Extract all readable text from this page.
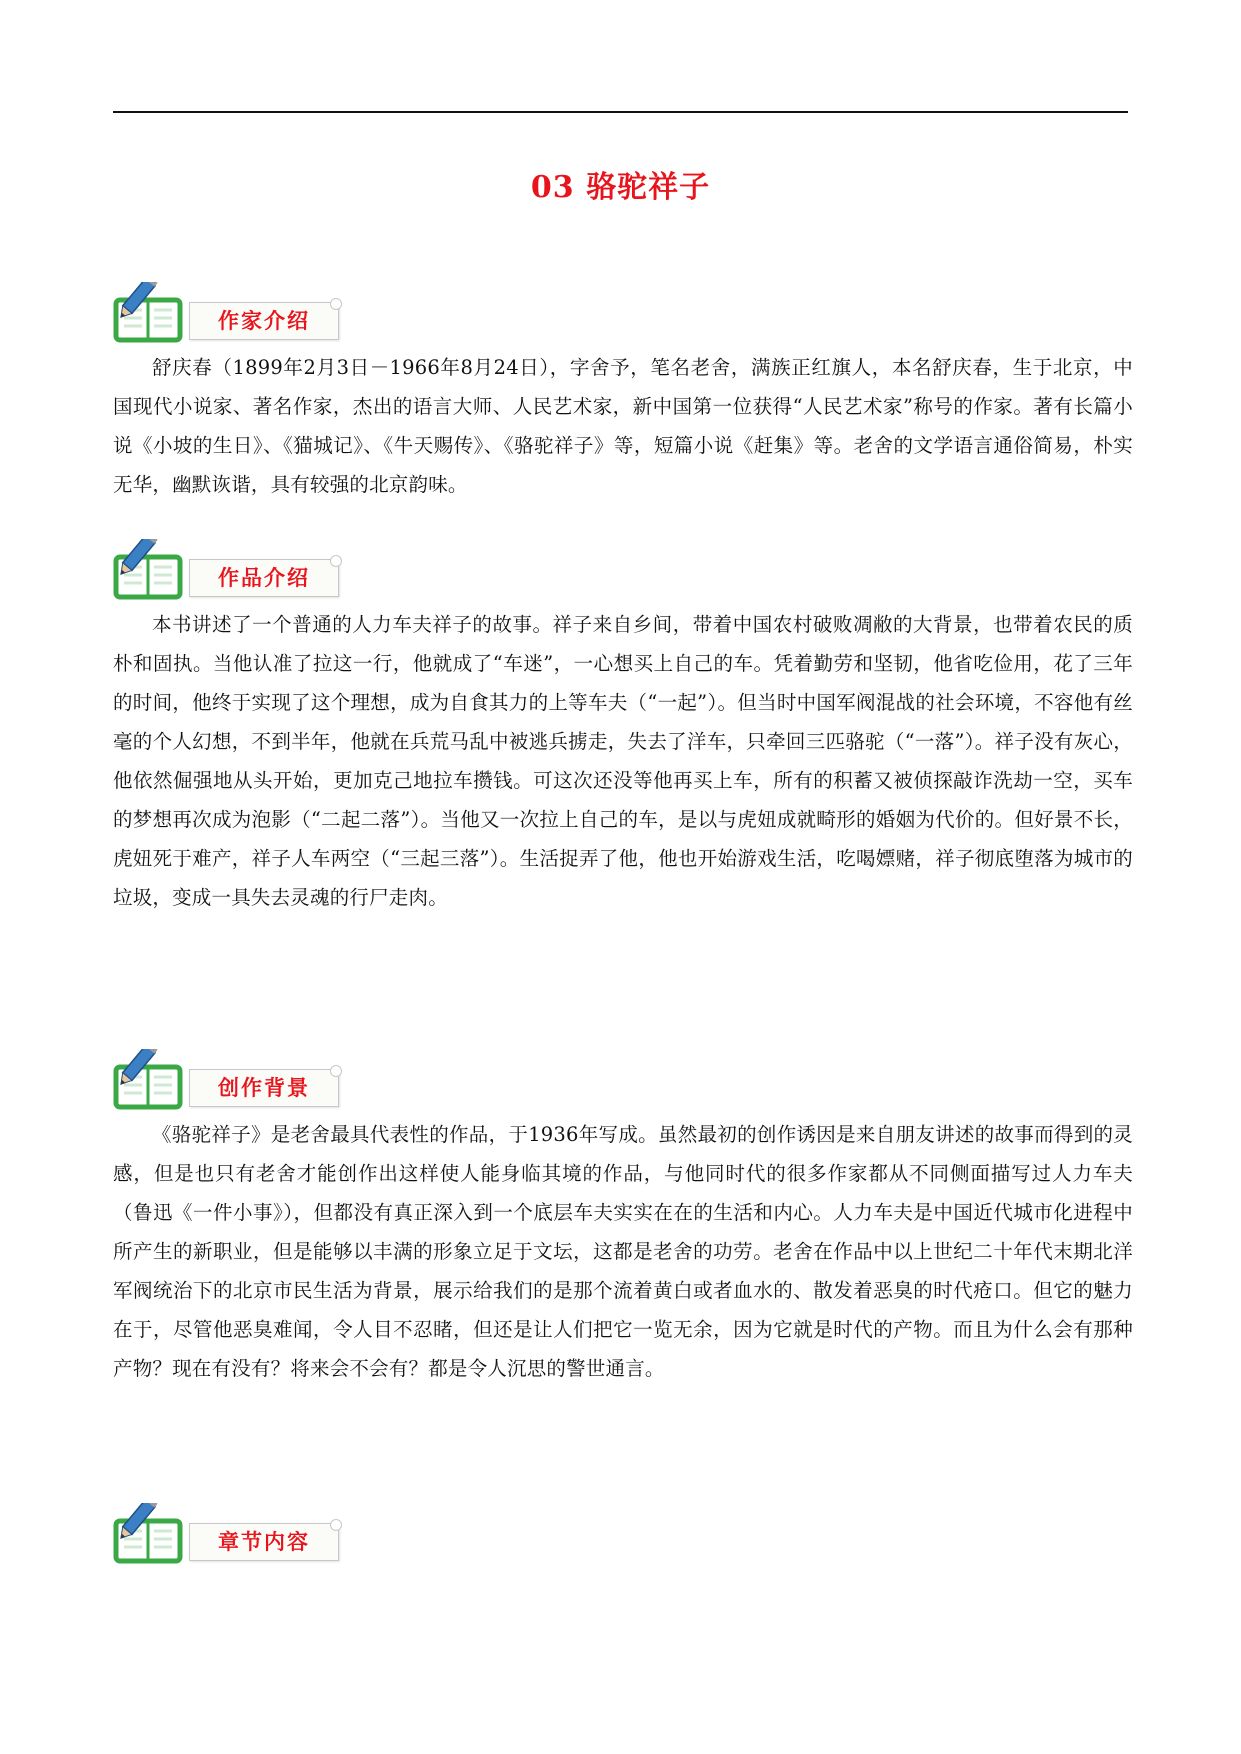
03 骆驼祥子
作家介绍

舒庆春（1899年2月3日－1966年8月24日），字舍予，笔名老舍，满族正红旗人，本名舒庆春，生于北京，中国现代小说家、著名作家，杰出的语言大师、人民艺术家，新中国第一位获得“人民艺术家”称号的作家。著有长篇小说《小坡的生日》、《猫城记》、《牛天赐传》、《骆驼祥子》等，短篇小说《赶集》等。老舍的文学语言通俗简易，朴实无华，幽默诙谐，具有较强的北京韵味。

作品介绍

本书讲述了一个普通的人力车夫祥子的故事。祥子来自乡间，带着中国农村破败凋敝的大背景，也带着农民的质朴和固执。当他认准了拉这一行，他就成了“车迷”，一心想买上自己的车。凭着勤劳和坚韧，他省吃俭用，花了三年的时间，他终于实现了这个理想，成为自食其力的上等车夫（“一起”）。但当时中国军阀混战的社会环境，不容他有丝毫的个人幻想，不到半年，他就在兵荒马乱中被逃兵掳走，失去了洋车，只牵回三匹骆驼（“一落”）。祥子没有灰心，他依然倔强地从头开始，更加克己地拉车攒钱。可这次还没等他再买上车，所有的积蓄又被侦探敲诈洗劫一空，买车的梦想再次成为泡影（“二起二落”）。当他又一次拉上自己的车，是以与虎妞成就畸形的婚姻为代价的。但好景不长，虎妞死于难产，祥子人车两空（“三起三落”）。生活捉弄了他，他也开始游戏生活，吃喝嫖赌，祥子彻底堕落为城市的垃圾，变成一具失去灵魂的行尸走肉。

创作背景

《骆驼祥子》是老舍最具代表性的作品，于1936年写成。虽然最初的创作诱因是来自朋友讲述的故事而得到的灵感，但是也只有老舍才能创作出这样使人能身临其境的作品，与他同时代的很多作家都从不同侧面描写过人力车夫（鲁迅《一件小事》），但都没有真正深入到一个底层车夫实实在在的生活和内心。人力车夫是中国近代城市化进程中所产生的新职业，但是能够以丰满的形象立足于文坛，这都是老舍的功劳。老舍在作品中以上世纪二十年代末期北洋军阀统治下的北京市民生活为背景，展示给我们的是那个流着黄白或者血水的、散发着恶臭的时代疮口。但它的魅力在于，尽管他恶臭难闻，令人目不忍睹，但还是让人们把它一览无余，因为它就是时代的产物。而且为什么会有那种产物？现在有没有？将来会不会有？都是令人沉思的警世通言。

章节内容
